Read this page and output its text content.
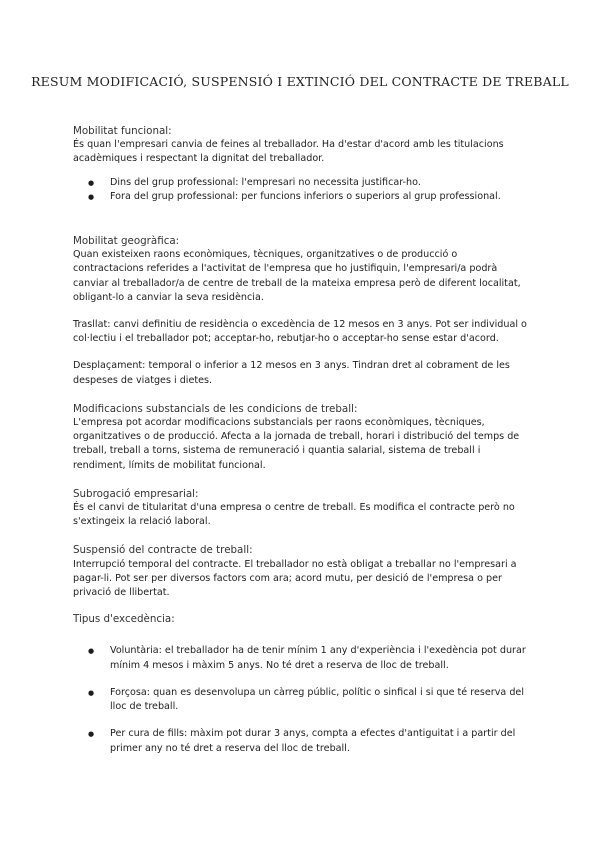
RESUM MODIFICACIÓ, SUSPENSIÓ I EXTINCIÓ DEL CONTRACTE DE TREBALL

Mobilitat funcional:

És quan l'empresari canvia de feines al treballador. Ha d'estar d'acord amb les titulacions acadèmiques i respectant la dignitat del treballador.

● Dins del grup professional: l'empresari no necessita justificar-ho.
● Fora del grup professional: per funcions inferiors o superiors al grup professional.

Mobilitat geogràfica:

Quan existeixen raons econòmiques, tècniques, organitzatives o de producció o contractacions referides a l'activitat de l'empresa que ho justifiquin, l'empresari/a podrà canviar al treballador/a de centre de treball de la mateixa empresa però de diferent localitat, obligant-lo a canviar la seva residència.

Trasllat: canvi definitiu de residència o excedència de 12 mesos en 3 anys. Pot ser individual o col·lectiu i el treballador pot; acceptar-ho, rebutjar-ho o acceptar-ho sense estar d'acord.

Desplaçament: temporal o inferior a 12 mesos en 3 anys. Tindran dret al cobrament de les despeses de viatges i dietes.

Modificacions substancials de les condicions de treball:

L'empresa pot acordar modificacions substancials per raons econòmiques, tècniques, organitzatives o de producció. Afecta a la jornada de treball, horari i distribució del temps de treball, treball a torns, sistema de remuneració i quantia salarial, sistema de treball i rendiment, límits de mobilitat funcional.

Subrogació empresarial:

És el canvi de titularitat d'una empresa o centre de treball. Es modifica el contracte però no s'extingeix la relació laboral.

Suspensió del contracte de treball:

Interrupció temporal del contracte. El treballador no està obligat a treballar no l'empresari a pagar-li. Pot ser per diversos factors com ara; acord mutu, per desició de l'empresa o per privació de llibertat.

Tipus d'excedència:

● Voluntària: el treballador ha de tenir mínim 1 any d'experiència i l'exedència pot durar mínim 4 mesos i màxim 5 anys. No té dret a reserva de lloc de treball.
● Forçosa: quan es desenvolupa un càrreg públic, polític o sinfical i si que té reserva del lloc de treball.
● Per cura de fills: màxim pot durar 3 anys, compta a efectes d'antiguitat i a partir del primer any no té dret a reserva del lloc de treball.
